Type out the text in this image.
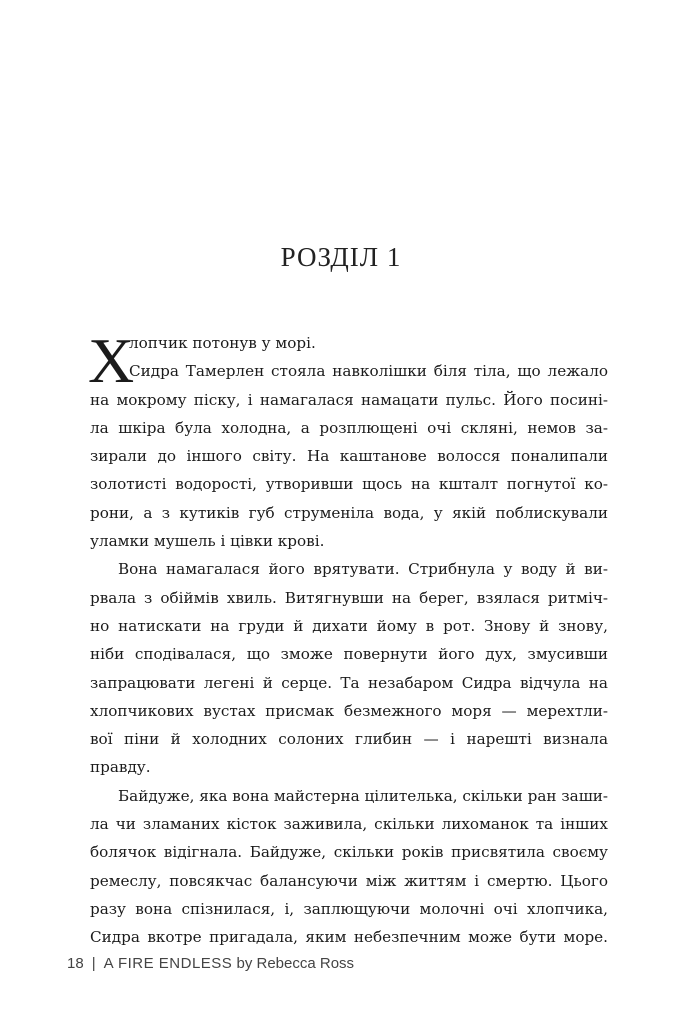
РОЗДІЛ 1
Х
лопчик потонув у морі.
Сидра Тамерлен стояла навколішки біля тіла, що лежало
на мокрому піску, і намагалася намацати пульс. Його посині-
ла шкіра була холодна, а розплющені очі скляні, немов за-
зирали до іншого світу. На каштанове волосся поналипали
золотисті водорості, утворивши щось на кшталт погнутої ко-
рони, а з кутиків губ струменіла вода, у якій поблискували
уламки мушель і цівки крові.
Вона намагалася його врятувати. Стрибнула у воду й ви-
рвала з обіймів хвиль. Витягнувши на берег, взялася ритміч-
но натискати на груди й дихати йому в рот. Знову й знову,
ніби сподівалася, що зможе повернути його дух, змусивши
запрацювати легені й серце. Та незабаром Сидра відчула на
хлопчикових вустах присмак безмежного моря — мерехтли-
вої піни й холодних солоних глибин — і нарешті визнала
правду.
Байдуже, яка вона майстерна цілителька, скільки ран заши-
ла чи зламаних кісток заживила, скільки лихоманок та інших
болячок відігнала. Байдуже, скільки років присвятила своєму
ремеслу, повсякчас балансуючи між життям і смертю. Цього
разу вона спізнилася, і, заплющуючи молочні очі хлопчика,
Сидра вкотре пригадала, яким небезпечним може бути море.
18 | A FIRE ENDLESS by Rebecca Ross
